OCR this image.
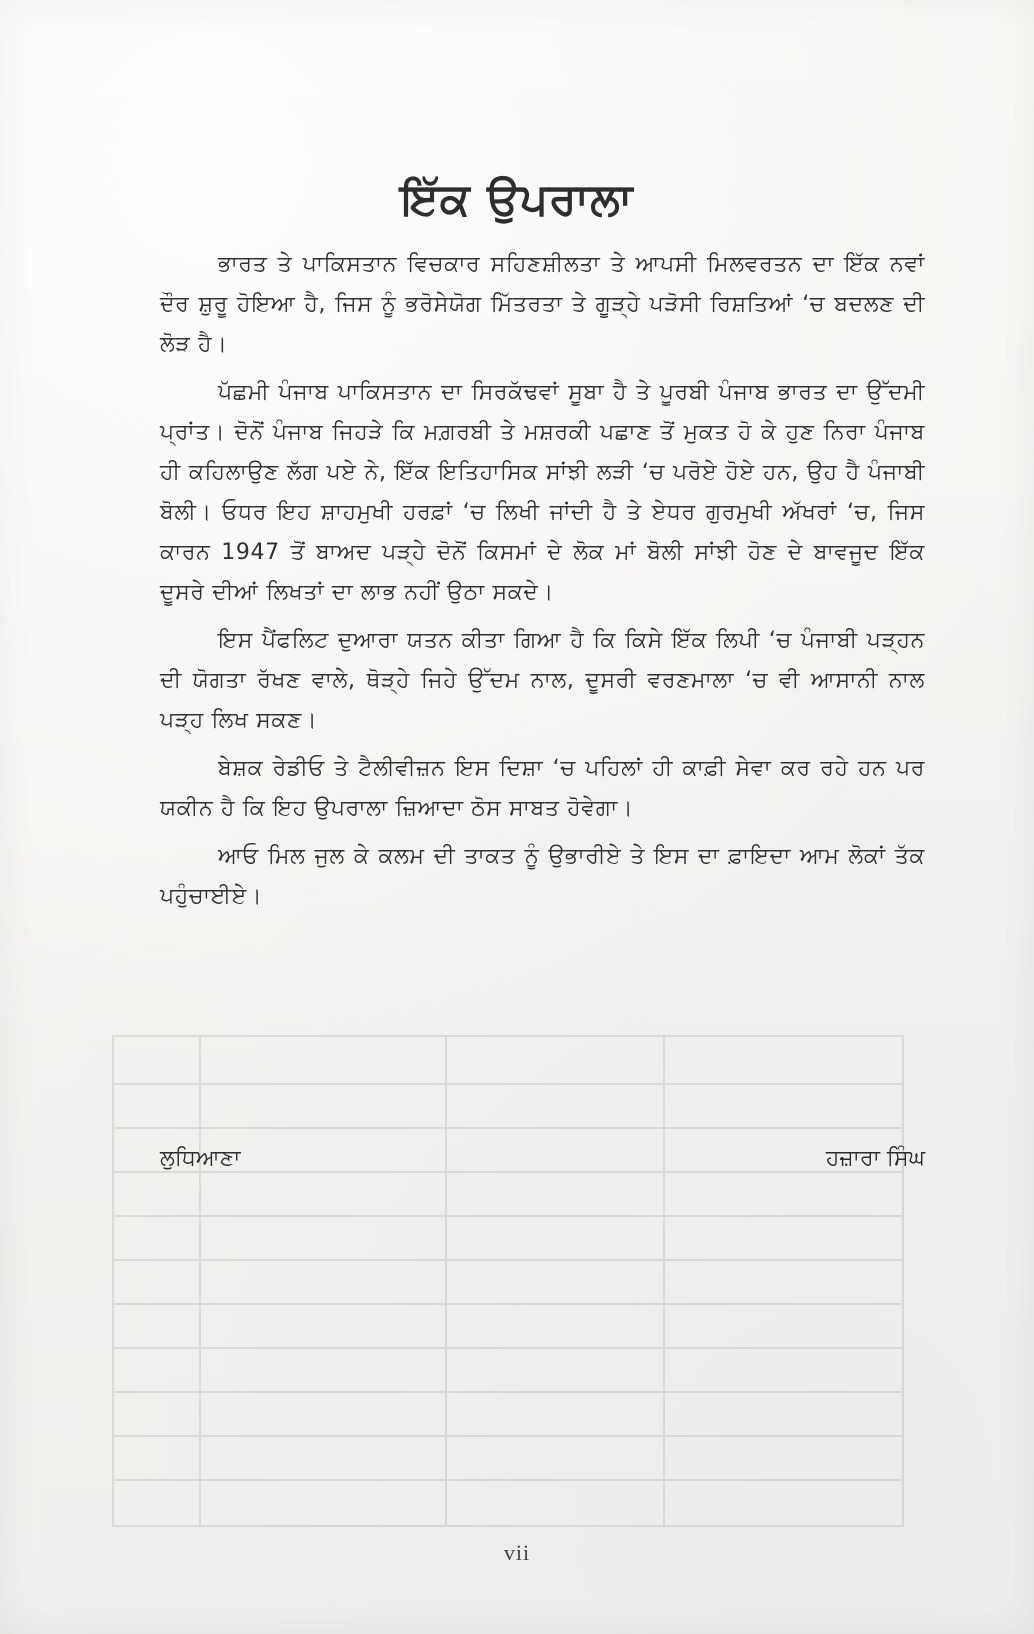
ਇੱਕ ਉਪਰਾਲਾ

ਭਾਰਤ ਤੇ ਪਾਕਿਸਤਾਨ ਵਿਚਕਾਰ ਸਹਿਣਸ਼ੀਲਤਾ ਤੇ ਆਪਸੀ ਮਿਲਵਰਤਨ ਦਾ ਇੱਕ ਨਵਾਂ ਦੌਰ ਸ਼ੁਰੂ ਹੋਇਆ ਹੈ, ਜਿਸ ਨੂੰ ਭਰੋਸੇਯੋਗ ਮਿੱਤਰਤਾ ਤੇ ਗੂੜ੍ਹੇ ਪੜੋਸੀ ਰਿਸ਼ਤਿਆਂ ‘ਚ ਬਦਲਣ ਦੀ ਲੋੜ ਹੈ।

ਪੱਛਮੀ ਪੰਜਾਬ ਪਾਕਿਸਤਾਨ ਦਾ ਸਿਰਕੱਢਵਾਂ ਸੂਬਾ ਹੈ ਤੇ ਪੂਰਬੀ ਪੰਜਾਬ ਭਾਰਤ ਦਾ ਉੱਦਮੀ ਪ੍ਰਾਂਤ। ਦੋਨੋਂ ਪੰਜਾਬ ਜਿਹੜੇ ਕਿ ਮਗ਼ਰਬੀ ਤੇ ਮਸ਼ਰਕੀ ਪਛਾਣ ਤੋਂ ਮੁਕਤ ਹੋ ਕੇ ਹੁਣ ਨਿਰਾ ਪੰਜਾਬ ਹੀ ਕਹਿਲਾਉਣ ਲੱਗ ਪਏ ਨੇ, ਇੱਕ ਇਤਿਹਾਸਿਕ ਸਾਂਝੀ ਲੜੀ ‘ਚ ਪਰੋਏ ਹੋਏ ਹਨ, ਉਹ ਹੈ ਪੰਜਾਬੀ ਬੋਲੀ। ਓਧਰ ਇਹ ਸ਼ਾਹਮੁਖੀ ਹਰਫ਼ਾਂ ‘ਚ ਲਿਖੀ ਜਾਂਦੀ ਹੈ ਤੇ ਏਧਰ ਗੁਰਮੁਖੀ ਅੱਖਰਾਂ ‘ਚ, ਜਿਸ ਕਾਰਨ 1947 ਤੋਂ ਬਾਅਦ ਪੜ੍ਹੇ ਦੋਨੋਂ ਕਿਸਮਾਂ ਦੇ ਲੋਕ ਮਾਂ ਬੋਲੀ ਸਾਂਝੀ ਹੋਣ ਦੇ ਬਾਵਜੂਦ ਇੱਕ ਦੂਸਰੇ ਦੀਆਂ ਲਿਖਤਾਂ ਦਾ ਲਾਭ ਨਹੀਂ ਉਠਾ ਸਕਦੇ।

ਇਸ ਪੈਂਫਲਿਟ ਦੁਆਰਾ ਯਤਨ ਕੀਤਾ ਗਿਆ ਹੈ ਕਿ ਕਿਸੇ ਇੱਕ ਲਿਪੀ ‘ਚ ਪੰਜਾਬੀ ਪੜ੍ਹਨ ਦੀ ਯੋਗਤਾ ਰੱਖਣ ਵਾਲੇ, ਥੋੜ੍ਹੇ ਜਿਹੇ ਉੱਦਮ ਨਾਲ, ਦੂਸਰੀ ਵਰਣਮਾਲਾ ‘ਚ ਵੀ ਆਸਾਨੀ ਨਾਲ ਪੜ੍ਹ ਲਿਖ ਸਕਣ।

ਬੇਸ਼ਕ ਰੇਡੀਓ ਤੇ ਟੈਲੀਵੀਜ਼ਨ ਇਸ ਦਿਸ਼ਾ ‘ਚ ਪਹਿਲਾਂ ਹੀ ਕਾਫ਼ੀ ਸੇਵਾ ਕਰ ਰਹੇ ਹਨ ਪਰ ਯਕੀਨ ਹੈ ਕਿ ਇਹ ਉਪਰਾਲਾ ਜ਼ਿਆਦਾ ਠੋਸ ਸਾਬਤ ਹੋਵੇਗਾ।

ਆਓ ਮਿਲ ਜੁਲ ਕੇ ਕਲਮ ਦੀ ਤਾਕਤ ਨੂੰ ਉਭਾਰੀਏ ਤੇ ਇਸ ਦਾ ਫ਼ਾਇਦਾ ਆਮ ਲੋਕਾਂ ਤੱਕ ਪਹੁੰਚਾਈਏ।

ਲੁਧਿਆਣਾ	ਹਜ਼ਾਰਾ ਸਿੰਘ

vii
